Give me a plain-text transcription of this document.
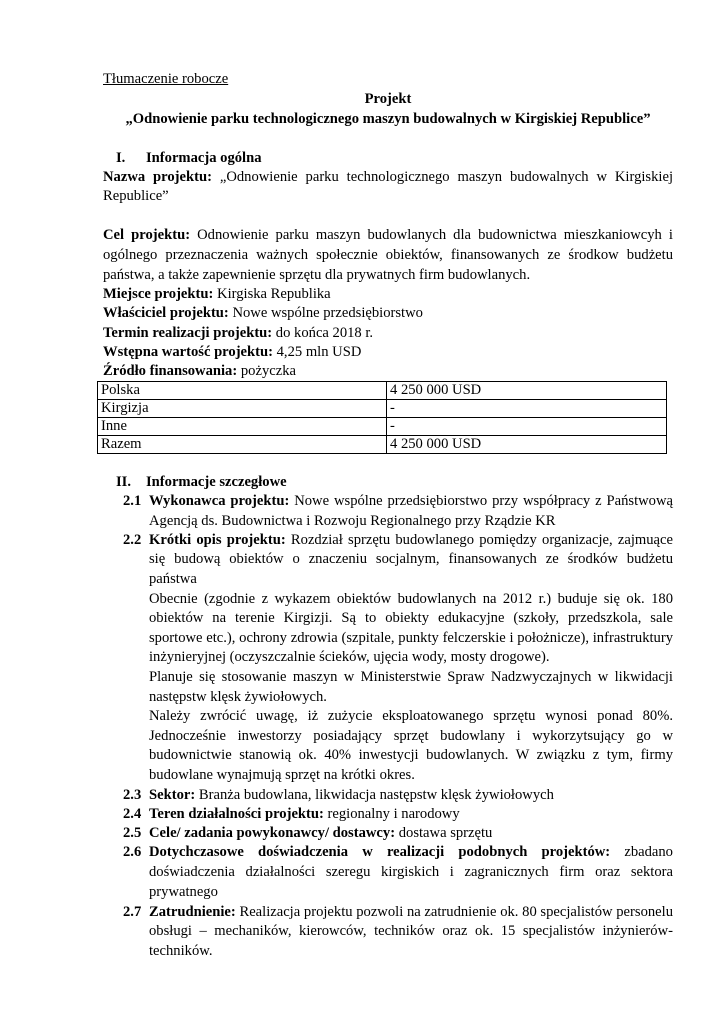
Tłumaczenie robocze
Projekt
„Odnowienie parku technologicznego maszyn budowalnych w Kirgiskiej Republice”
I. Informacja ogólna
Nazwa projektu: „Odnowienie parku technologicznego maszyn budowalnych w Kirgiskiej Republice”
Cel projektu: Odnowienie parku maszyn budowlanych dla budownictwa mieszkaniowcyh i ogólnego przeznaczenia ważnych społecznie obiektów, finansowanych ze środkow budżetu państwa, a także zapewnienie sprzętu dla prywatnych firm budowlanych.
Miejsce projektu: Kirgiska Republika
Właściciel projektu: Nowe wspólne przedsiębiorstwo
Termin realizacji projektu: do końca 2018 r.
Wstępna wartość projektu: 4,25 mln USD
Źródło finansowania: pożyczka
Polska	4 250 000 USD
Kirgizja	-
Inne	-
Razem	4 250 000 USD
II. Informacje szczegłowe
2.1 Wykonawca projektu: Nowe wspólne przedsiębiorstwo przy współpracy z Państwową Agencją ds. Budownictwa i Rozwoju Regionalnego przy Rządzie KR
2.2 Krótki opis projektu: Rozdział sprzętu budowlanego pomiędzy organizacje, zajmuące się budową obiektów o znaczeniu socjalnym, finansowanych ze środków budżetu państwa
Obecnie (zgodnie z wykazem obiektów budowlanych na 2012 r.) buduje się ok. 180 obiektów na terenie Kirgizji. Są to obiekty edukacyjne (szkoły, przedszkola, sale sportowe etc.), ochrony zdrowia (szpitale, punkty felczerskie i położnicze), infrastruktury inżynieryjnej (oczyszczalnie ścieków, ujęcia wody, mosty drogowe).
Planuje się stosowanie maszyn w Ministerstwie Spraw Nadzwyczajnych w likwidacji następstw klęsk żywiołowych.
Należy zwrócić uwagę, iż zużycie eksploatowanego sprzętu wynosi ponad 80%. Jednocześnie inwestorzy posiadający sprzęt budowlany i wykorzytsujący go w budownictwie stanowią ok. 40% inwestycji budowlanych. W związku z tym, firmy budowlane wynajmują sprzęt na krótki okres.
2.3 Sektor: Branża budowlana, likwidacja następstw klęsk żywiołowych
2.4 Teren działalności projektu: regionalny i narodowy
2.5 Cele/ zadania powykonawcy/ dostawcy: dostawa sprzętu
2.6 Dotychczasowe doświadczenia w realizacji podobnych projektów: zbadano doświadczenia działalności szeregu kirgiskich i zagranicznych firm oraz sektora prywatnego
2.7 Zatrudnienie: Realizacja projektu pozwoli na zatrudnienie ok. 80 specjalistów personelu obsługi – mechaników, kierowców, techników oraz ok. 15 specjalistów inżynierów-techników.
